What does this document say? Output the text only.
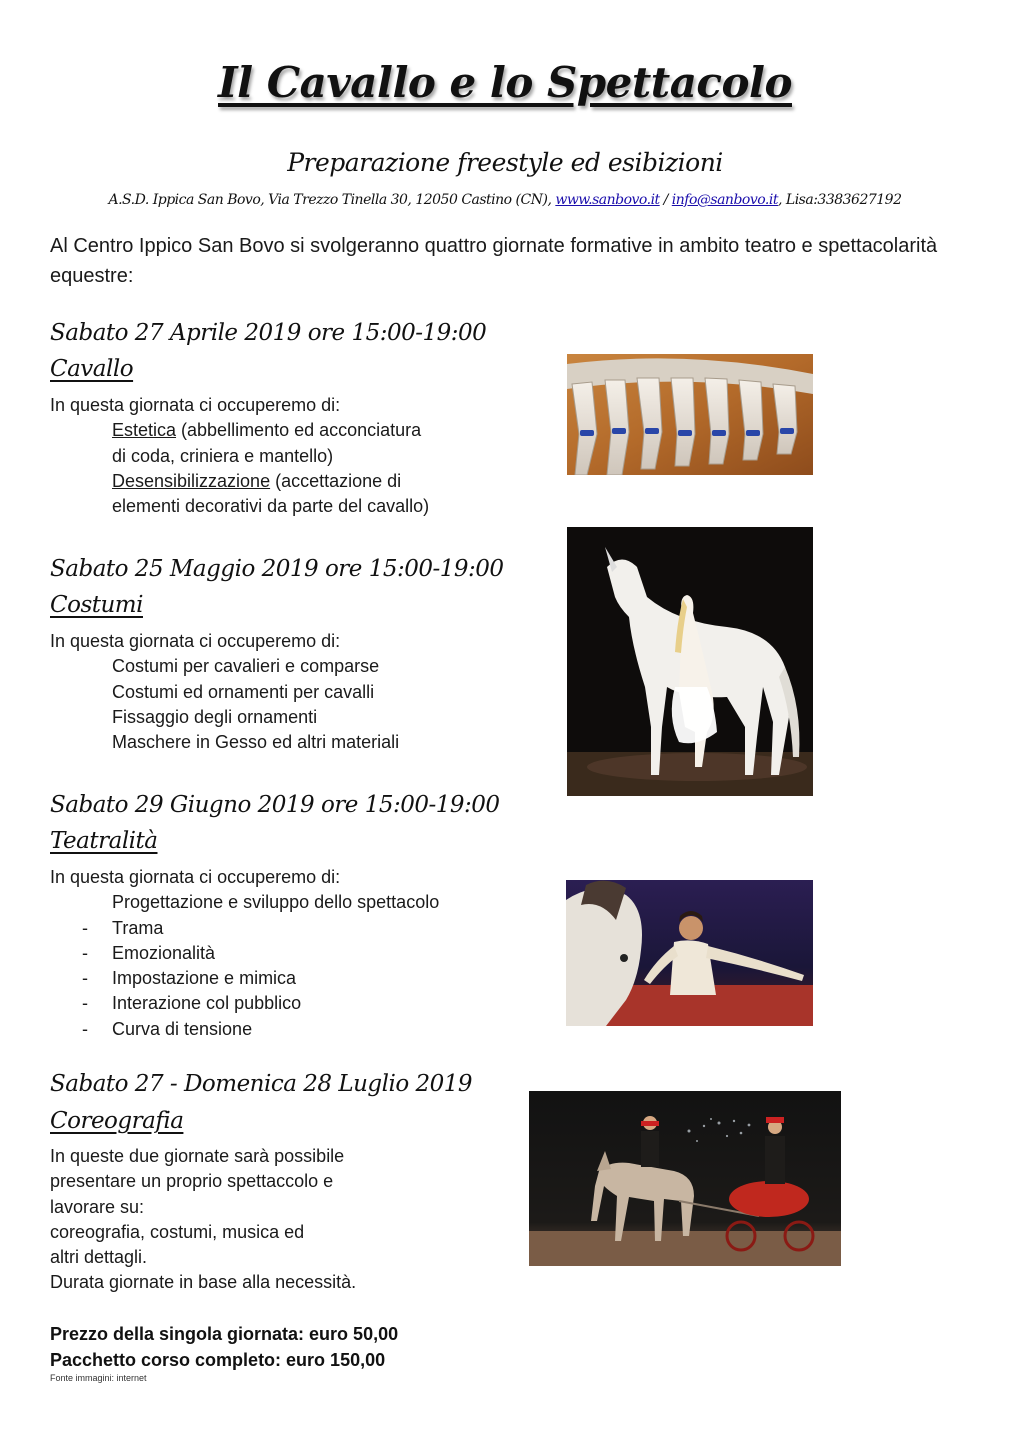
Il Cavallo e lo Spettacolo
Preparazione freestyle ed esibizioni
A.S.D. Ippica San Bovo, Via Trezzo Tinella 30, 12050 Castino (CN), www.sanbovo.it / info@sanbovo.it, Lisa:3383627192
Al Centro Ippico San Bovo si svolgeranno quattro giornate formative in ambito teatro e spettacolarità equestre:
Sabato 27 Aprile 2019 ore 15:00-19:00
Cavallo
In questa giornata ci occuperemo di:
Estetica (abbellimento ed acconciatura
di coda, criniera e mantello)
Desensibilizzazione (accettazione di
elementi decorativi da parte del cavallo)
Sabato 25 Maggio 2019 ore 15:00-19:00
Costumi
In questa giornata ci occuperemo di:
Costumi per cavalieri e comparse
Costumi ed ornamenti per cavalli
Fissaggio degli ornamenti
Maschere in Gesso ed altri materiali
Sabato 29 Giugno 2019 ore 15:00-19:00
Teatralità
In questa giornata ci occuperemo di:
Progettazione e sviluppo dello spettacolo
-	Trama
-	Emozionalità
-	Impostazione e mimica
-	Interazione col pubblico
-	Curva di tensione
Sabato 27 - Domenica 28 Luglio 2019
Coreografia
In queste due giornate sarà possibile
presentare un proprio spettaccolo e
lavorare su:
coreografia, costumi, musica ed
altri dettagli.
Durata giornate in base alla necessità.
Prezzo della singola giornata: euro 50,00
Pacchetto corso completo: euro 150,00
Fonte immagini: internet
